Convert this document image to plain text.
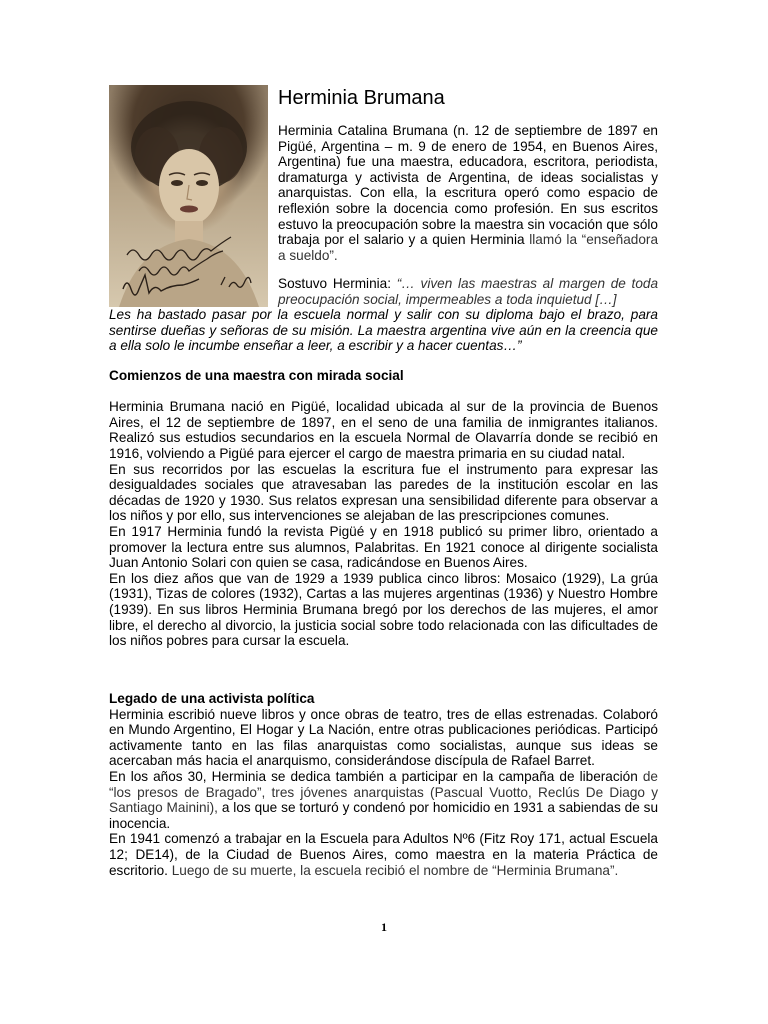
Herminia Brumana

Herminia Catalina Brumana (n. 12 de septiembre de 1897 en Pigüé, Argentina – m. 9 de enero de 1954, en Buenos Aires, Argentina) fue una maestra, educadora, escritora, periodista, dramaturga y activista de Argentina, de ideas socialistas y anarquistas. Con ella, la escritura operó como espacio de reflexión sobre la docencia como profesión. En sus escritos estuvo la preocupación sobre la maestra sin vocación que sólo trabaja por el salario y a quien Herminia llamó la “enseñadora a sueldo”.

Sostuvo Herminia: “… viven las maestras al margen de toda preocupación social, impermeables a toda inquietud […]

Les ha bastado pasar por la escuela normal y salir con su diploma bajo el brazo, para sentirse dueñas y señoras de su misión. La maestra argentina vive aún en la creencia que a ella solo le incumbe enseñar a leer, a escribir y a hacer cuentas…”

Comienzos de una maestra con mirada social

Herminia Brumana nació en Pigüé, localidad ubicada al sur de la provincia de Buenos Aires, el 12 de septiembre de 1897, en el seno de una familia de inmigrantes italianos. Realizó sus estudios secundarios en la escuela Normal de Olavarría donde se recibió en 1916, volviendo a Pigüé para ejercer el cargo de maestra primaria en su ciudad natal.

En sus recorridos por las escuelas la escritura fue el instrumento para expresar las desigualdades sociales que atravesaban las paredes de la institución escolar en las décadas de 1920 y 1930. Sus relatos expresan una sensibilidad diferente para observar a los niños y por ello, sus intervenciones se alejaban de las prescripciones comunes.

En 1917 Herminia fundó la revista Pigüé y en 1918 publicó su primer libro, orientado a promover la lectura entre sus alumnos, Palabritas. En 1921 conoce al dirigente socialista Juan Antonio Solari con quien se casa, radicándose en Buenos Aires.

En los diez años que van de 1929 a 1939 publica cinco libros: Mosaico (1929), La grúa (1931), Tizas de colores (1932), Cartas a las mujeres argentinas (1936) y Nuestro Hombre (1939). En sus libros Herminia Brumana bregó por los derechos de las mujeres, el amor libre, el derecho al divorcio, la justicia social sobre todo relacionada con las dificultades de los niños pobres para cursar la escuela.

Legado de una activista política

Herminia escribió nueve libros y once obras de teatro, tres de ellas estrenadas. Colaboró en Mundo Argentino, El Hogar y La Nación, entre otras publicaciones periódicas. Participó activamente tanto en las filas anarquistas como socialistas, aunque sus ideas se acercaban más hacia el anarquismo, considerándose discípula de Rafael Barret.

En los años 30, Herminia se dedica también a participar en la campaña de liberación de “los presos de Bragado”, tres jóvenes anarquistas (Pascual Vuotto, Reclús De Diago y Santiago Mainini), a los que se torturó y condenó por homicidio en 1931 a sabiendas de su inocencia.

En 1941 comenzó a trabajar en la Escuela para Adultos Nº6 (Fitz Roy 171, actual Escuela 12; DE14), de la Ciudad de Buenos Aires, como maestra en la materia Práctica de escritorio. Luego de su muerte, la escuela recibió el nombre de “Herminia Brumana”.

1
